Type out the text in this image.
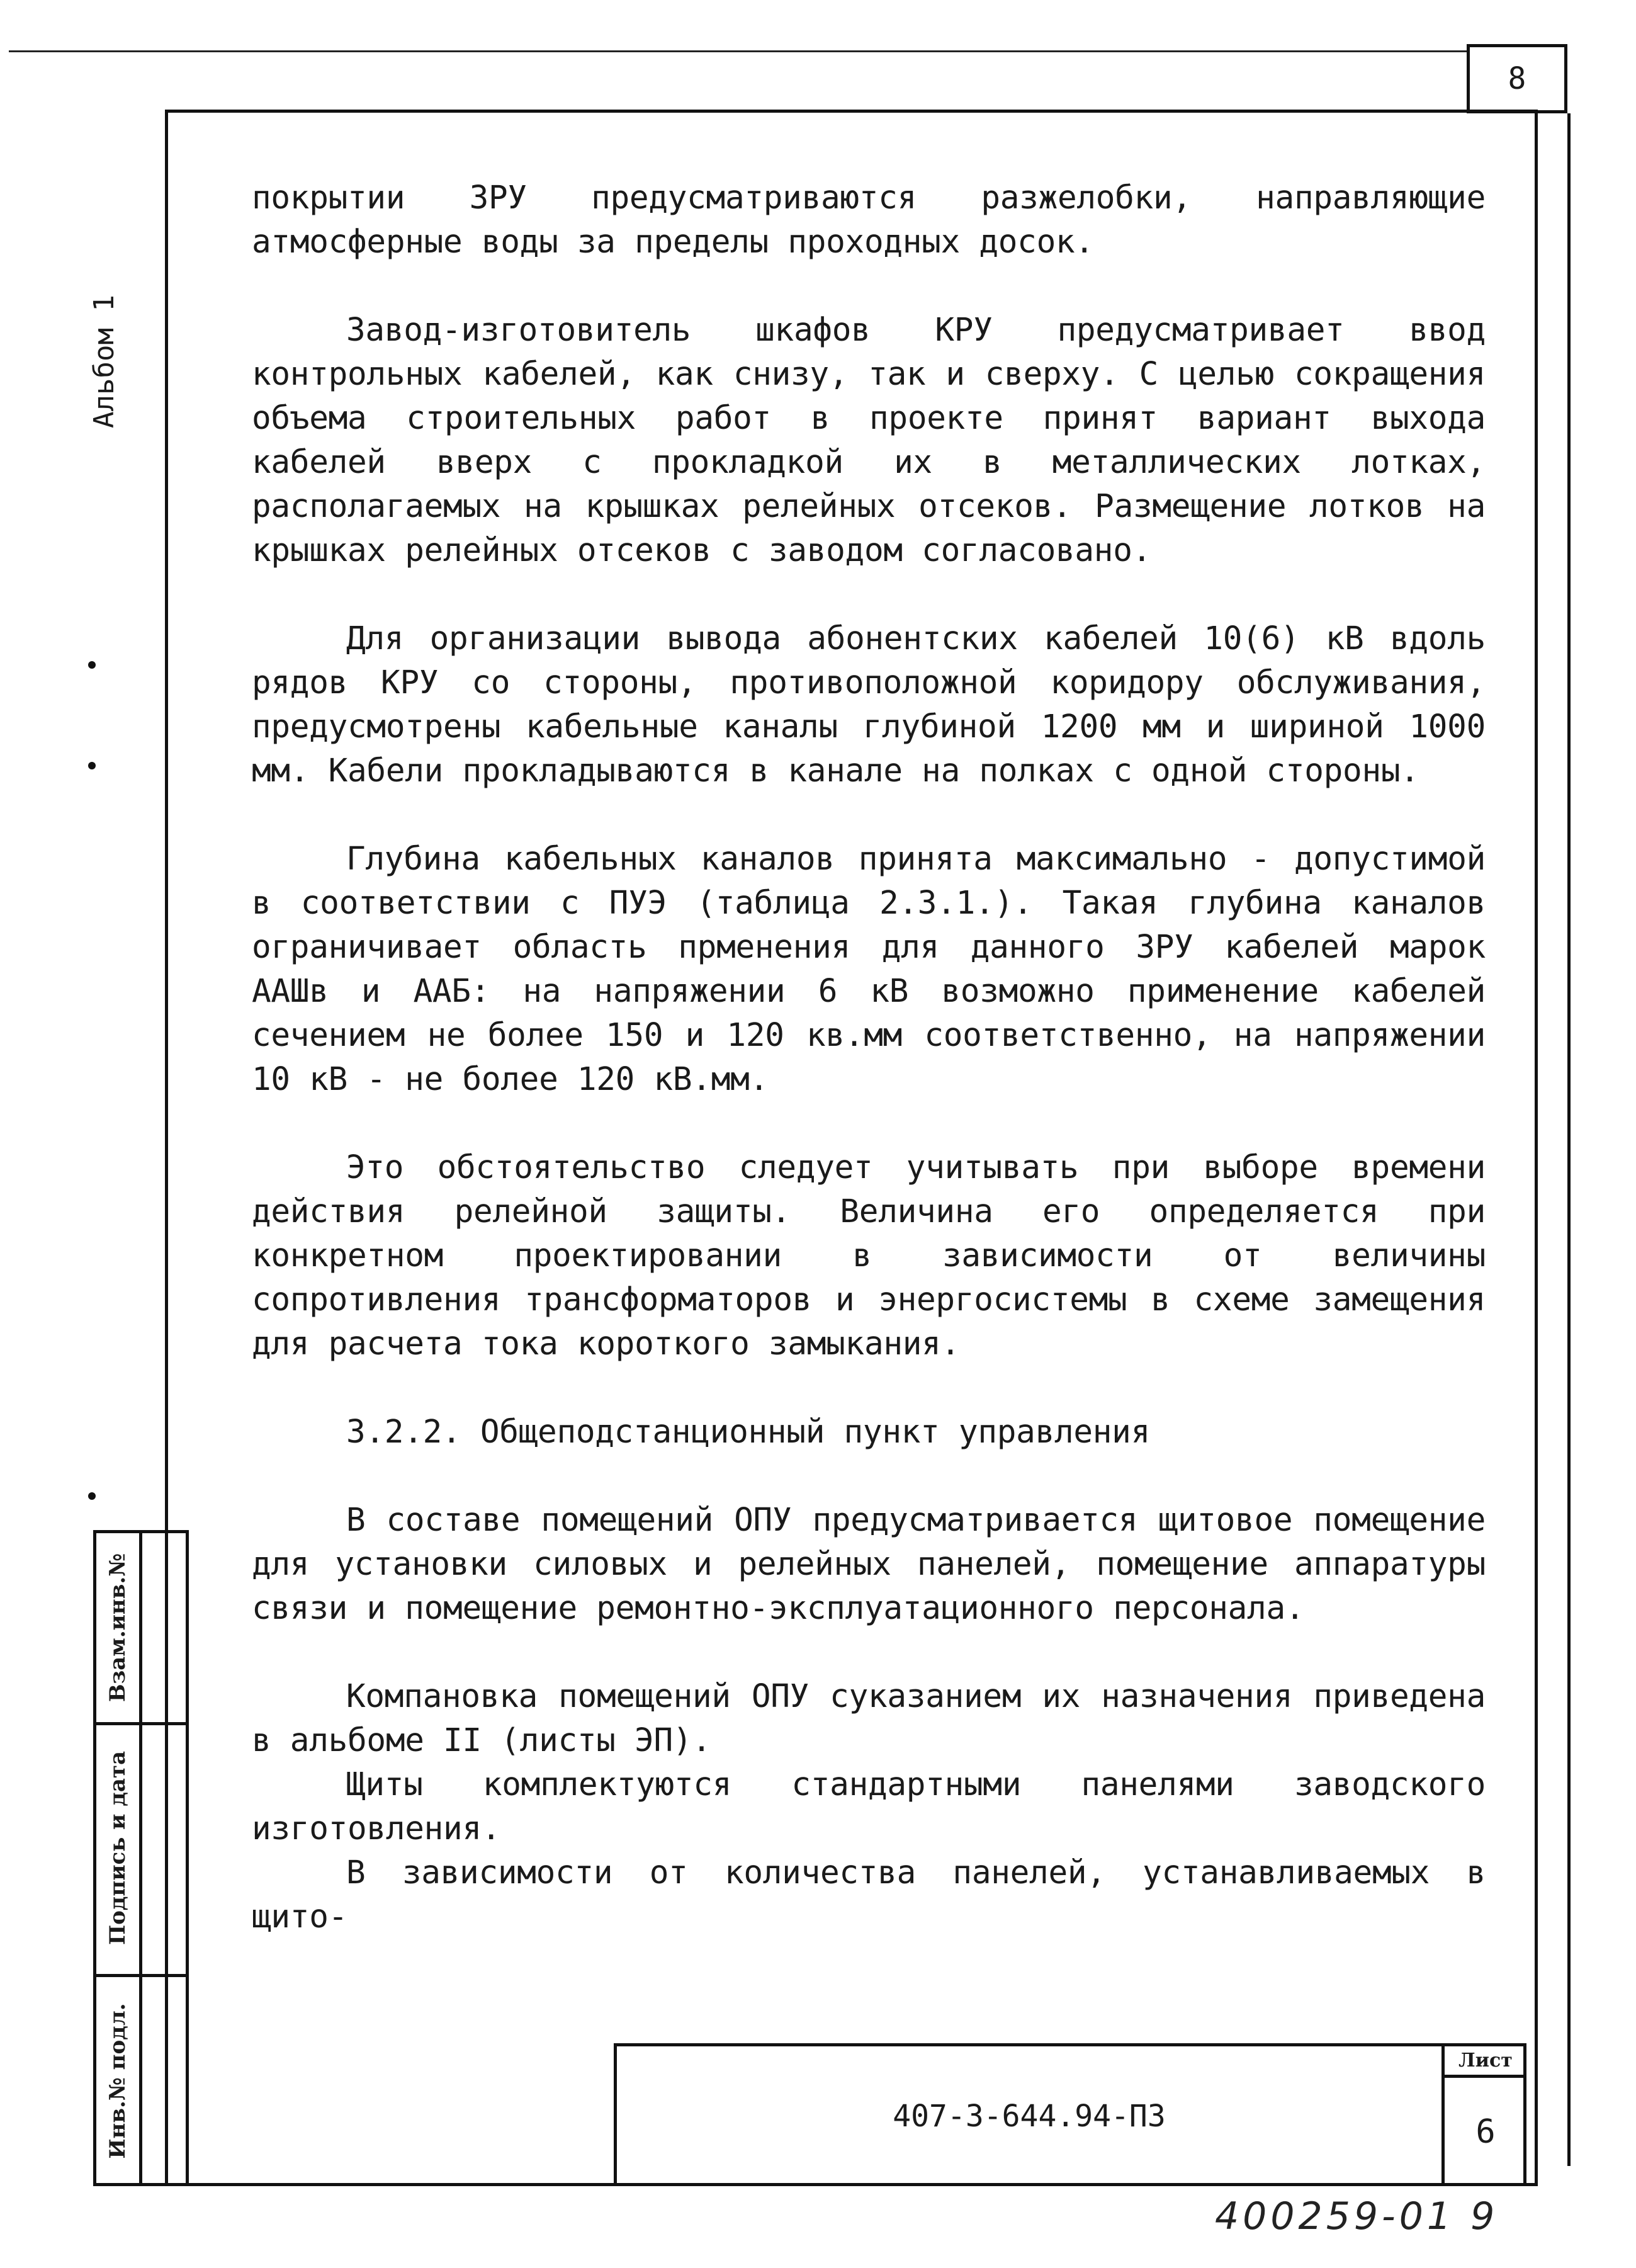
8
Альбом 1

покрытии ЗРУ предусматриваются разжелобки, направляющие атмосферные воды за пределы проходных досок.

Завод-изготовитель шкафов КРУ предусматривает ввод контрольных кабелей, как снизу, так и сверху. С целью сокращения объема строительных работ в проекте принят вариант выхода кабелей вверх с прокладкой их в металлических лотках, располагаемых на крышках релейных отсеков. Размещение лотков на крышках релейных отсеков с заводом согласовано.

Для организации вывода абонентских кабелей 10(6) кВ вдоль рядов КРУ со стороны, противоположной коридору обслуживания, предусмотрены кабельные каналы глубиной 1200 мм и шириной 1000 мм. Кабели прокладываются в канале на полках с одной стороны.

Глубина кабельных каналов принята максимально - допустимой в соответствии с ПУЭ (таблица 2.3.1.). Такая глубина каналов ограничивает область прменения для данного ЗРУ кабелей марок ААШв и ААБ: на напряжении 6 кВ возможно применение кабелей сечением не более 150 и 120 кв.мм соответственно, на напряжении 10 кВ - не более 120 кВ.мм.

Это обстоятельство следует учитывать при выборе времени действия релейной защиты. Величина его определяется при конкретном проектировании в зависимости от величины сопротивления трансформаторов и энергосистемы в схеме замещения для расчета тока короткого замыкания.

3.2.2. Общеподстанционный пункт управления

В составе помещений ОПУ предусматривается щитовое помещение для установки силовых и релейных панелей, помещение аппаратуры связи и помещение ремонтно-эксплуатационного персонала.

Компановка помещений ОПУ суказанием их назначения приведена в альбоме II (листы ЭП).

Щиты комплектуются стандартными панелями заводского изготовления.

В зависимости от количества панелей, устанавливаемых в щито-

Взам.инв.№
Подпись и дата
Инв.№ подл.	407-3-644.94-ПЗ
Лист
6
400259-01 9
